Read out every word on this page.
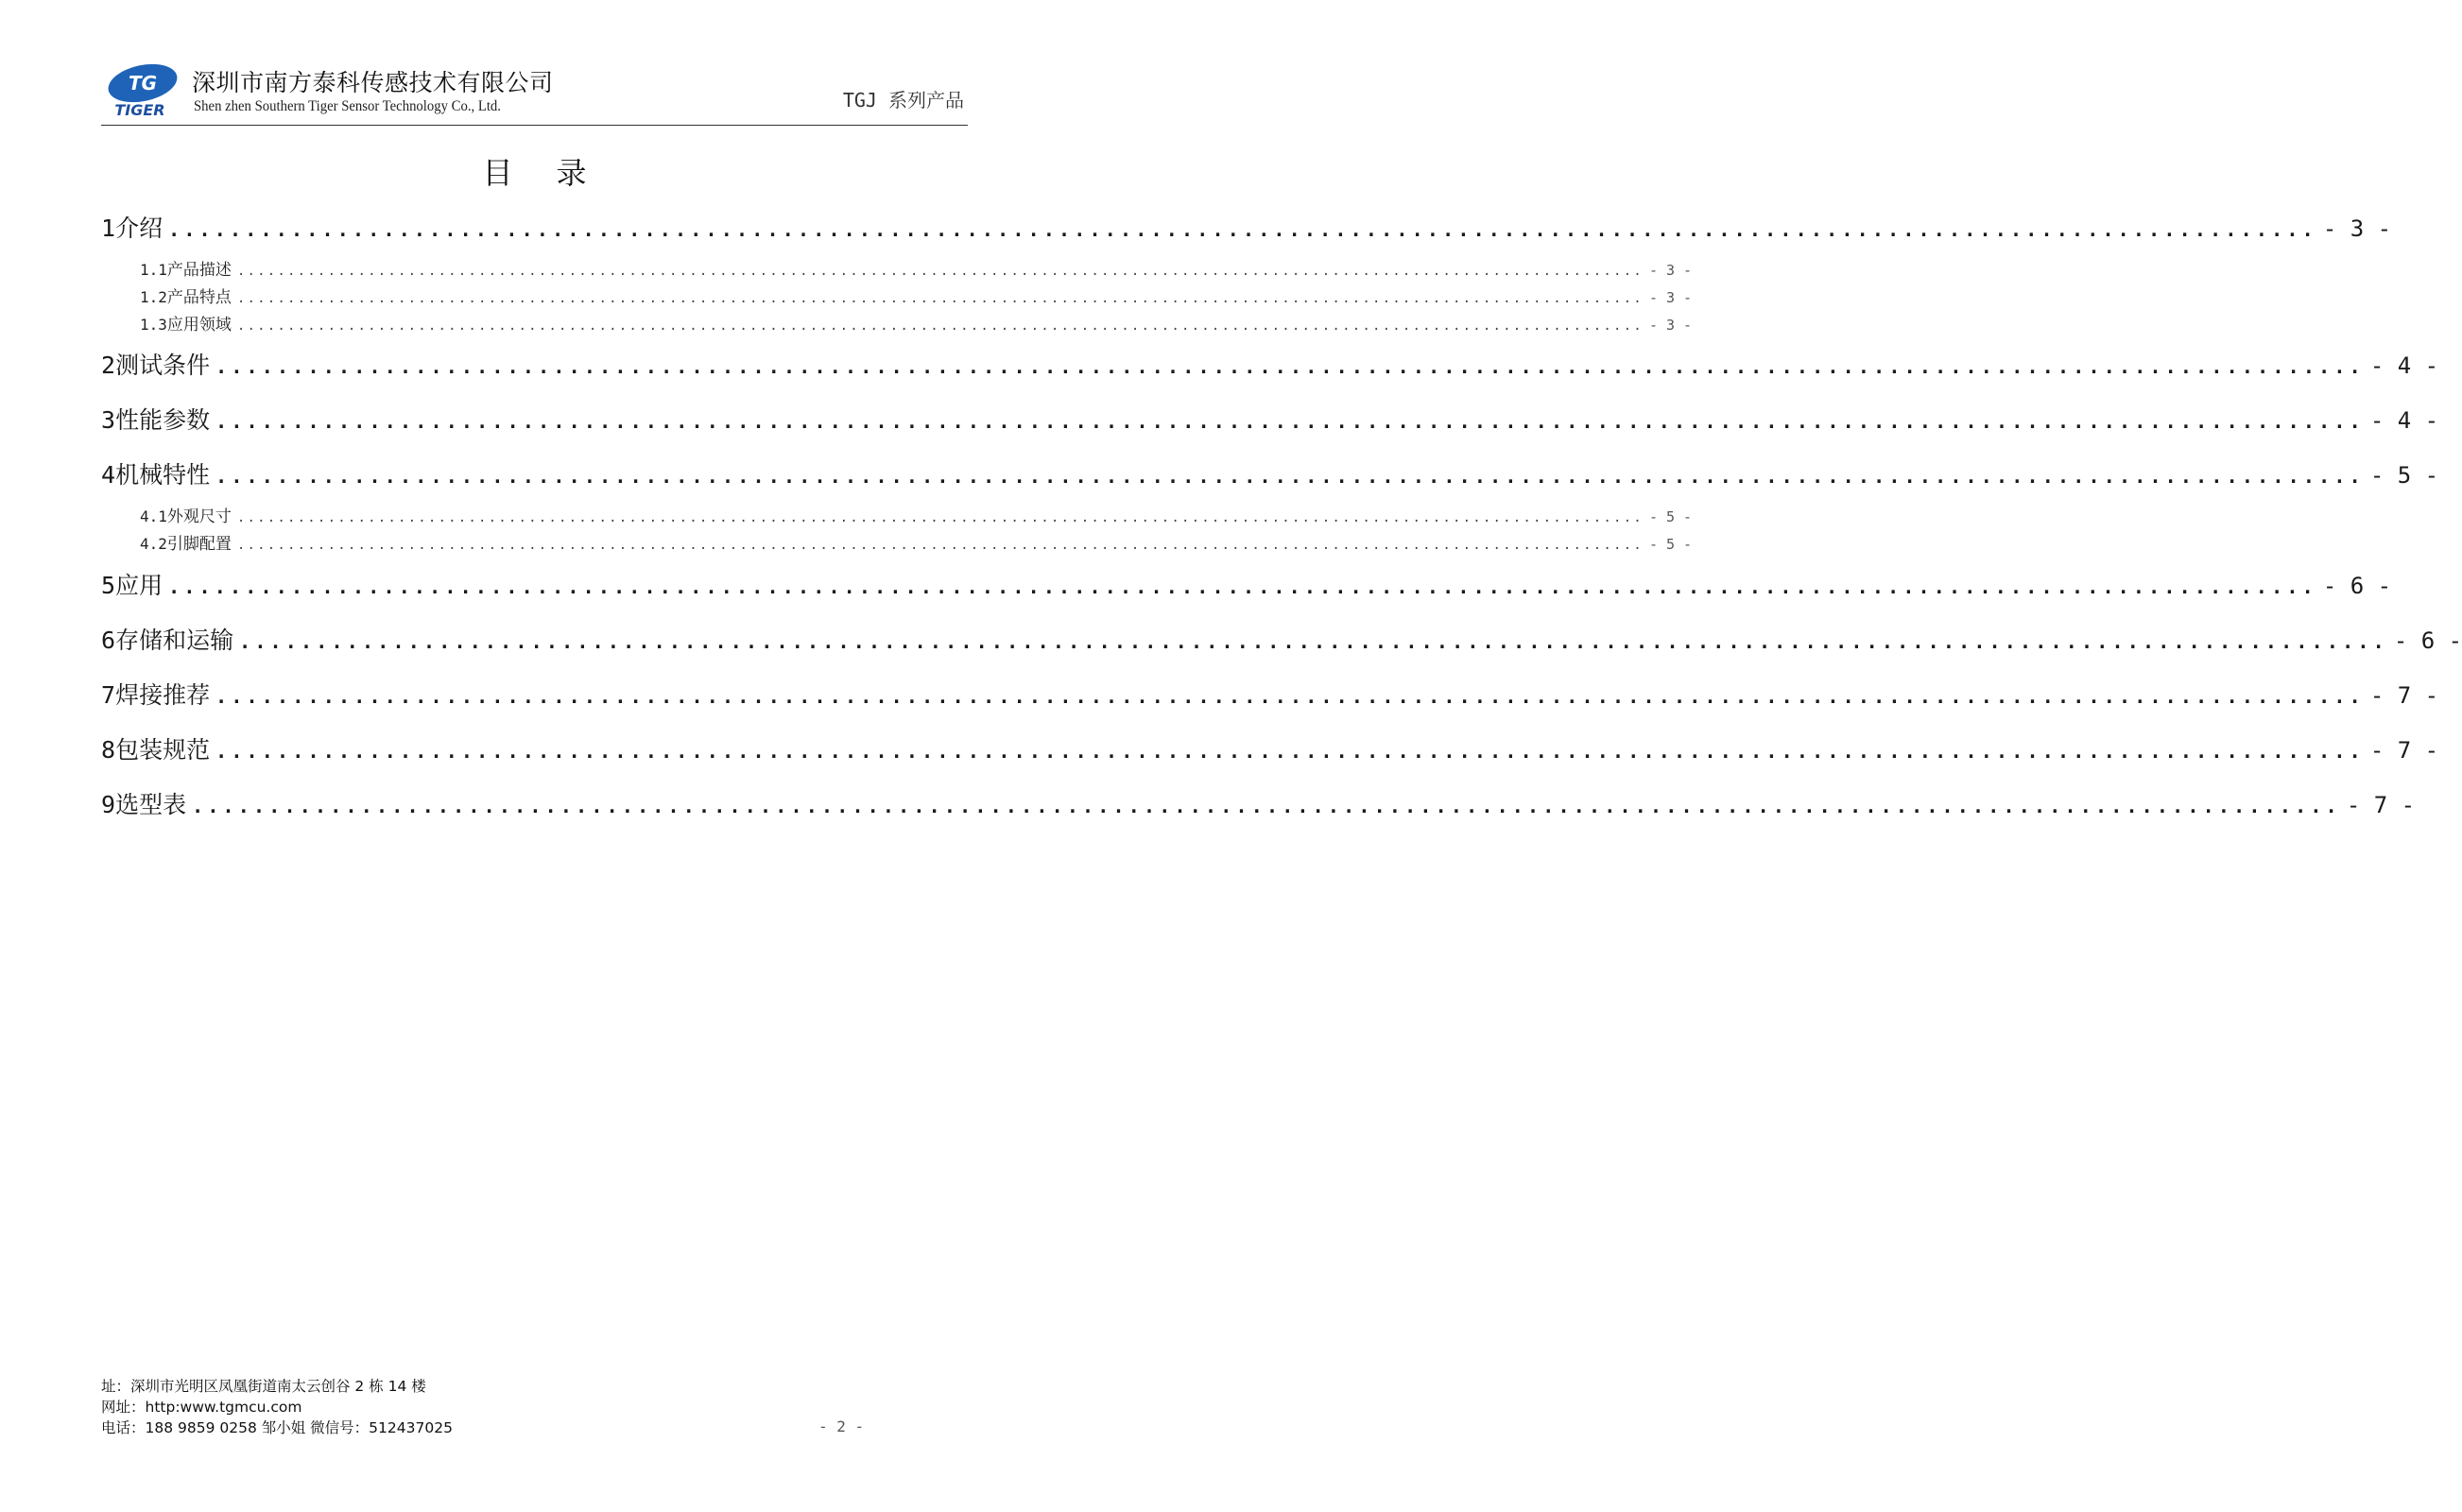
TG
TIGER
深圳市南方泰科传感技术有限公司
Shen zhen Southern Tiger Sensor Technology Co., Ltd.	TGJ 系列产品
目录
1 介绍 ............................................................................................................................................ - 3 -
1.1 产品描述 ............................................................................................................................................ - 3 -
1.2 产品特点 ............................................................................................................................................ - 3 -
1.3 应用领域 ............................................................................................................................................ - 3 -
2 测试条件 ............................................................................................................................................ - 4 -
3 性能参数 ............................................................................................................................................ - 4 -
4 机械特性 ............................................................................................................................................ - 5 -
4.1 外观尺寸 ............................................................................................................................................ - 5 -
4.2 引脚配置 ............................................................................................................................................ - 5 -
5 应用 ............................................................................................................................................ - 6 -
6 存储和运输 ............................................................................................................................................ - 6 -
7 焊接推荐 ............................................................................................................................................ - 7 -
8 包装规范 ............................................................................................................................................ - 7 -
9 选型表 ............................................................................................................................................ - 7 -
址：深圳市光明区凤凰街道南太云创谷 2 栋 14 楼
网址：http:www.tgmcu.com
电话：188 9859 0258 邹小姐 微信号：512437025	- 2 -
